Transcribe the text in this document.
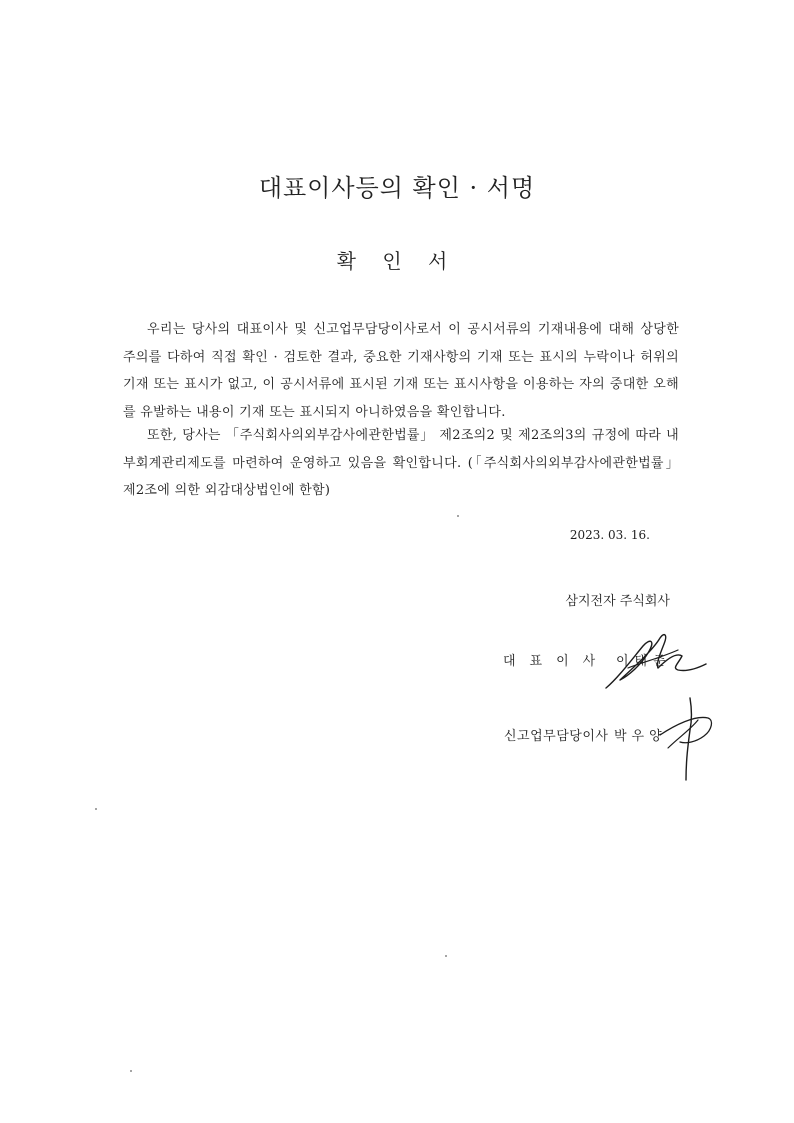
대표이사등의 확인 · 서명
확 인 서
우리는 당사의 대표이사 및 신고업무담당이사로서 이 공시서류의 기재내용에 대해 상당한 주의를 다하여 직접 확인 · 검토한 결과, 중요한 기재사항의 기재 또는 표시의 누락이나 허위의 기재 또는 표시가 없고, 이 공시서류에 표시된 기재 또는 표시사항을 이용하는 자의 중대한 오해를 유발하는 내용이 기재 또는 표시되지 아니하였음을 확인합니다.
또한, 당사는 「주식회사의외부감사에관한법률」 제2조의2 및 제2조의3의 규정에 따라 내부회계관리제도를 마련하여 운영하고 있음을 확인합니다. (「주식회사의외부감사에관한법률」 제2조에 의한 외감대상법인에 한함)
2023. 03. 16.
삼지전자 주식회사
대표이사 이태준
신고업무담당이사 박우양
